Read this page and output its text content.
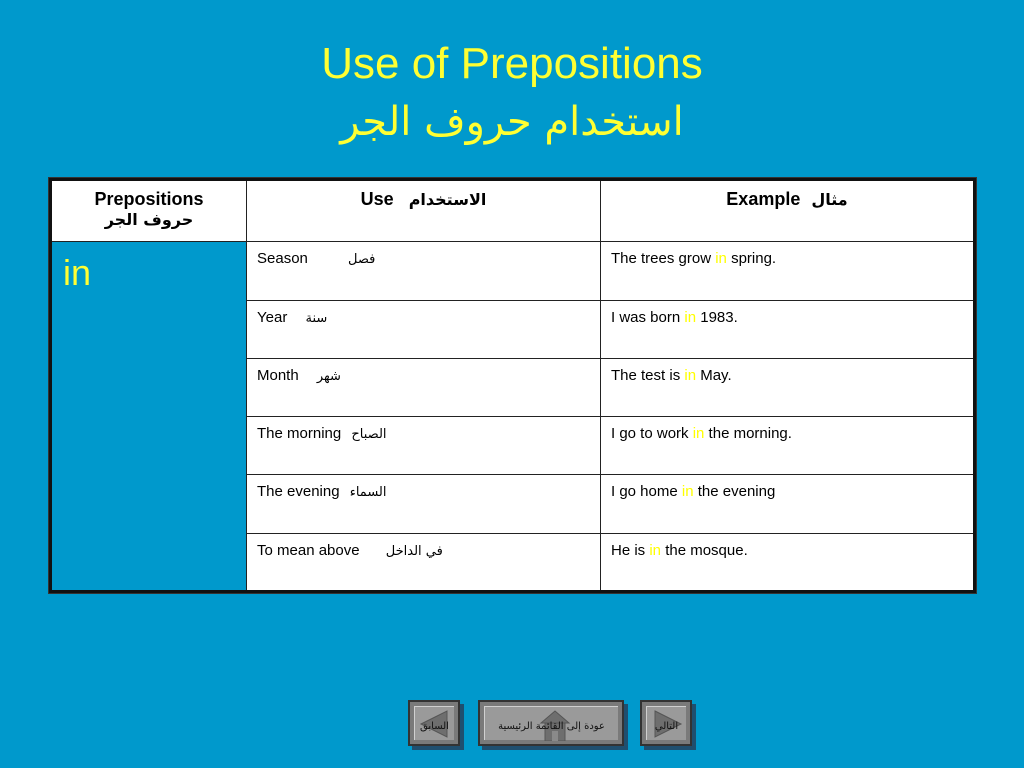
Use of Prepositions
استخدام حروف الجر
Prepositions
حروف الجر	Use الاستخدام	Example مثال
in	Season فصل	The trees grow in spring.
	Year سنة	I was born in 1983.
	Month شهر	The test is in May.
	The morning الصباح	I go to work in the morning.
	The evening السماء	I go home in the evening
	To mean above في الداخل	He is in the mosque.
السابق	عودة إلى القائمة الرئيسية	التالي
